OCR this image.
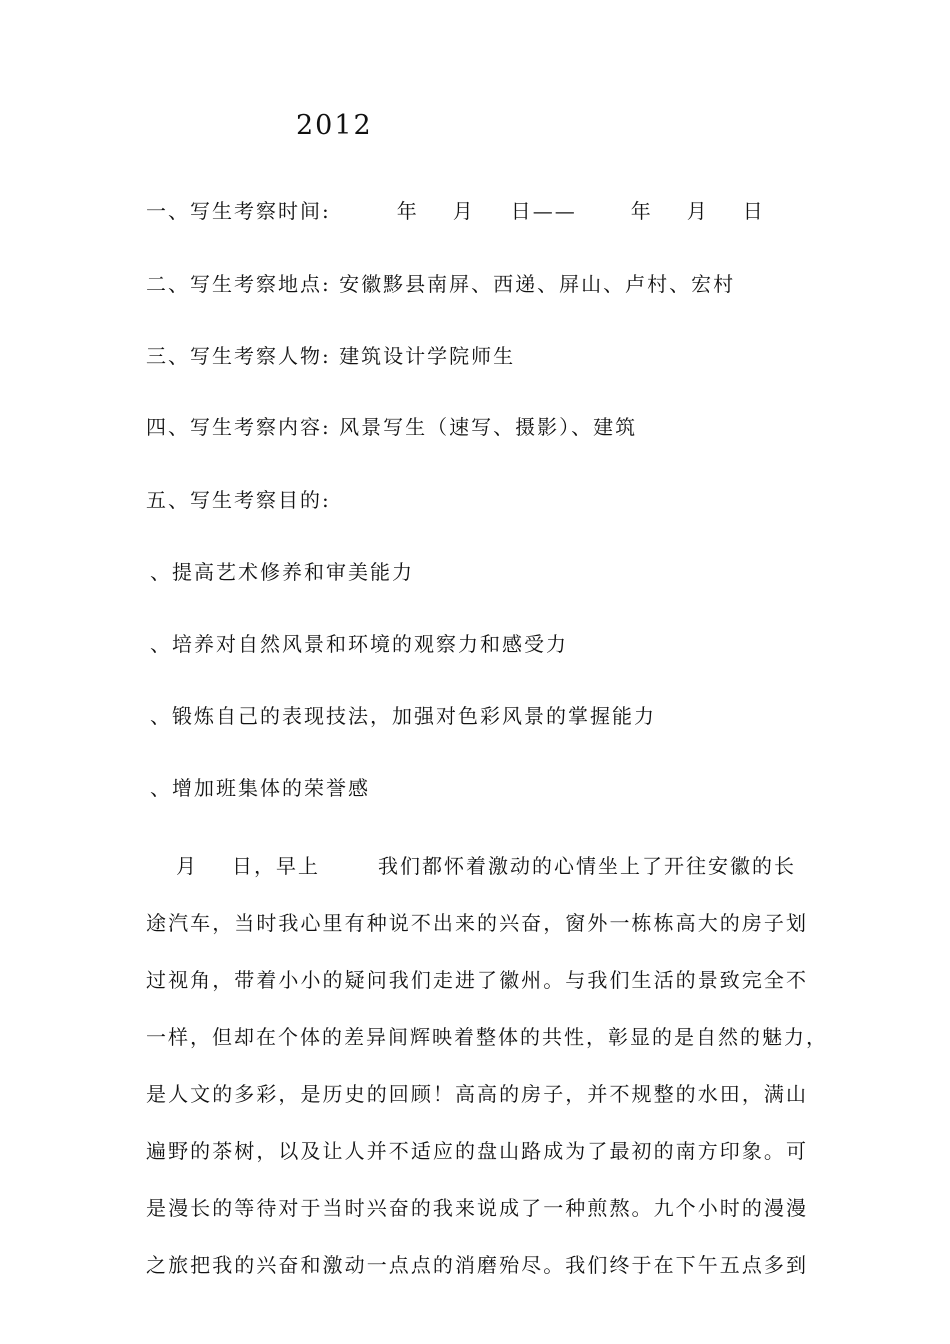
2012
一、写生考察时间:	年 月 日——	年 月 日
二、写生考察地点: 安徽黟县南屏、西递、屏山、卢村、宏村
三、写生考察人物: 建筑设计学院师生
四、写生考察内容: 风景写生（速写、摄影）、建筑
五、写生考察目的:
、提高艺术修养和审美能力
、培养对自然风景和环境的观察力和感受力
、锻炼自己的表现技法，加强对色彩风景的掌握能力
、增加班集体的荣誉感
月 日，早上	我们都怀着激动的心情坐上了开往安徽的长
途汽车，当时我心里有种说不出来的兴奋，窗外一栋栋高大的房子划
过视角，带着小小的疑问我们走进了徽州。与我们生活的景致完全不
一样，但却在个体的差异间辉映着整体的共性，彰显的是自然的魅力，
是人文的多彩，是历史的回顾！高高的房子，并不规整的水田，满山
遍野的茶树，以及让人并不适应的盘山路成为了最初的南方印象。可
是漫长的等待对于当时兴奋的我来说成了一种煎熬。九个小时的漫漫
之旅把我的兴奋和激动一点点的消磨殆尽。我们终于在下午五点多到
